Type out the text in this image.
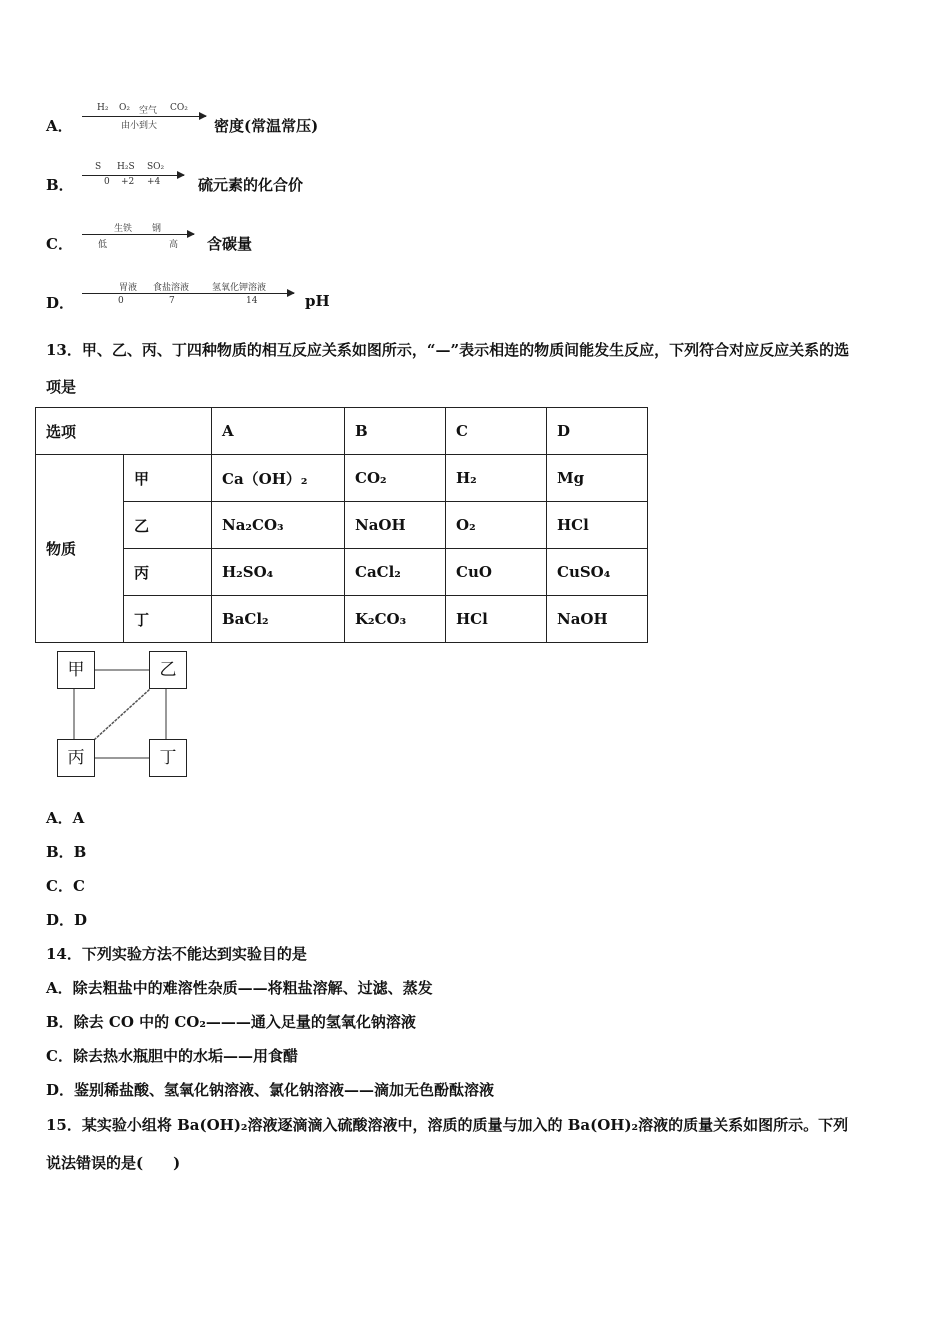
A．
H₂ O₂ 空气 CO₂
由小到大	密度(常温常压)
B．
S H₂S SO₂
0 +2 +4	硫元素的化合价
C．
生铁 钢
低	高 含碳量
D．
胃液 食盐溶液	氢氧化钾溶液
0	7	14	pH
13．甲、乙、丙、丁四种物质的相互反应关系如图所示，“—”表示相连的物质间能发生反应，下列符合对应反应关系的选
项是
选项		A	B	C	D
物质	甲	Ca（OH）₂	CO₂	H₂	Mg
	乙	Na₂CO₃	NaOH	O₂	HCl
	丙	H₂SO₄	CaCl₂	CuO	CuSO₄
	丁	BaCl₂	K₂CO₃	HCl	NaOH
甲	乙
丙	丁
A．A
B．B
C．C
D．D
14．下列实验方法不能达到实验目的是
A．除去粗盐中的难溶性杂质——将粗盐溶解、过滤、蒸发
B．除去 CO 中的 CO₂———通入足量的氢氧化钠溶液
C．除去热水瓶胆中的水垢——用食醋
D．鉴别稀盐酸、氢氧化钠溶液、氯化钠溶液——滴加无色酚酞溶液
15．某实验小组将 Ba(OH)₂溶液逐滴滴入硫酸溶液中，溶质的质量与加入的 Ba(OH)₂溶液的质量关系如图所示。下列
说法错误的是(　　)
